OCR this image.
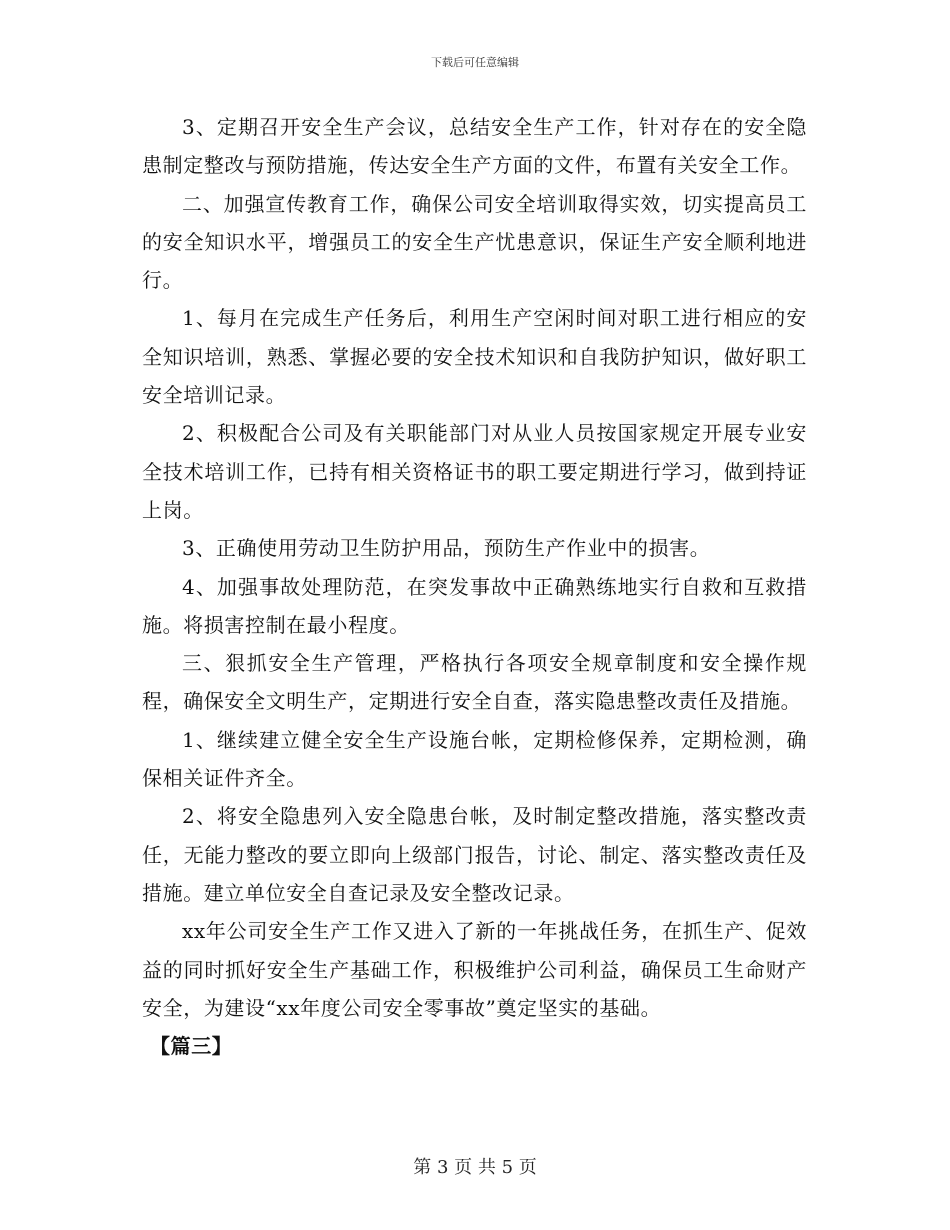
下载后可任意编辑

3、定期召开安全生产会议，总结安全生产工作，针对存在的安全隐患制定整改与预防措施，传达安全生产方面的文件，布置有关安全工作。

二、加强宣传教育工作，确保公司安全培训取得实效，切实提高员工的安全知识水平，增强员工的安全生产忧患意识，保证生产安全顺利地进行。

1、每月在完成生产任务后，利用生产空闲时间对职工进行相应的安全知识培训，熟悉、掌握必要的安全技术知识和自我防护知识，做好职工安全培训记录。

2、积极配合公司及有关职能部门对从业人员按国家规定开展专业安全技术培训工作，已持有相关资格证书的职工要定期进行学习，做到持证上岗。

3、正确使用劳动卫生防护用品，预防生产作业中的损害。

4、加强事故处理防范，在突发事故中正确熟练地实行自救和互救措施。将损害控制在最小程度。

三、狠抓安全生产管理，严格执行各项安全规章制度和安全操作规程，确保安全文明生产，定期进行安全自查，落实隐患整改责任及措施。

1、继续建立健全安全生产设施台帐，定期检修保养，定期检测，确保相关证件齐全。

2、将安全隐患列入安全隐患台帐，及时制定整改措施，落实整改责任，无能力整改的要立即向上级部门报告，讨论、制定、落实整改责任及措施。建立单位安全自查记录及安全整改记录。

xx年公司安全生产工作又进入了新的一年挑战任务，在抓生产、促效益的同时抓好安全生产基础工作，积极维护公司利益，确保员工生命财产安全，为建设“xx年度公司安全零事故”奠定坚实的基础。

【篇三】

第 3 页 共 5 页
